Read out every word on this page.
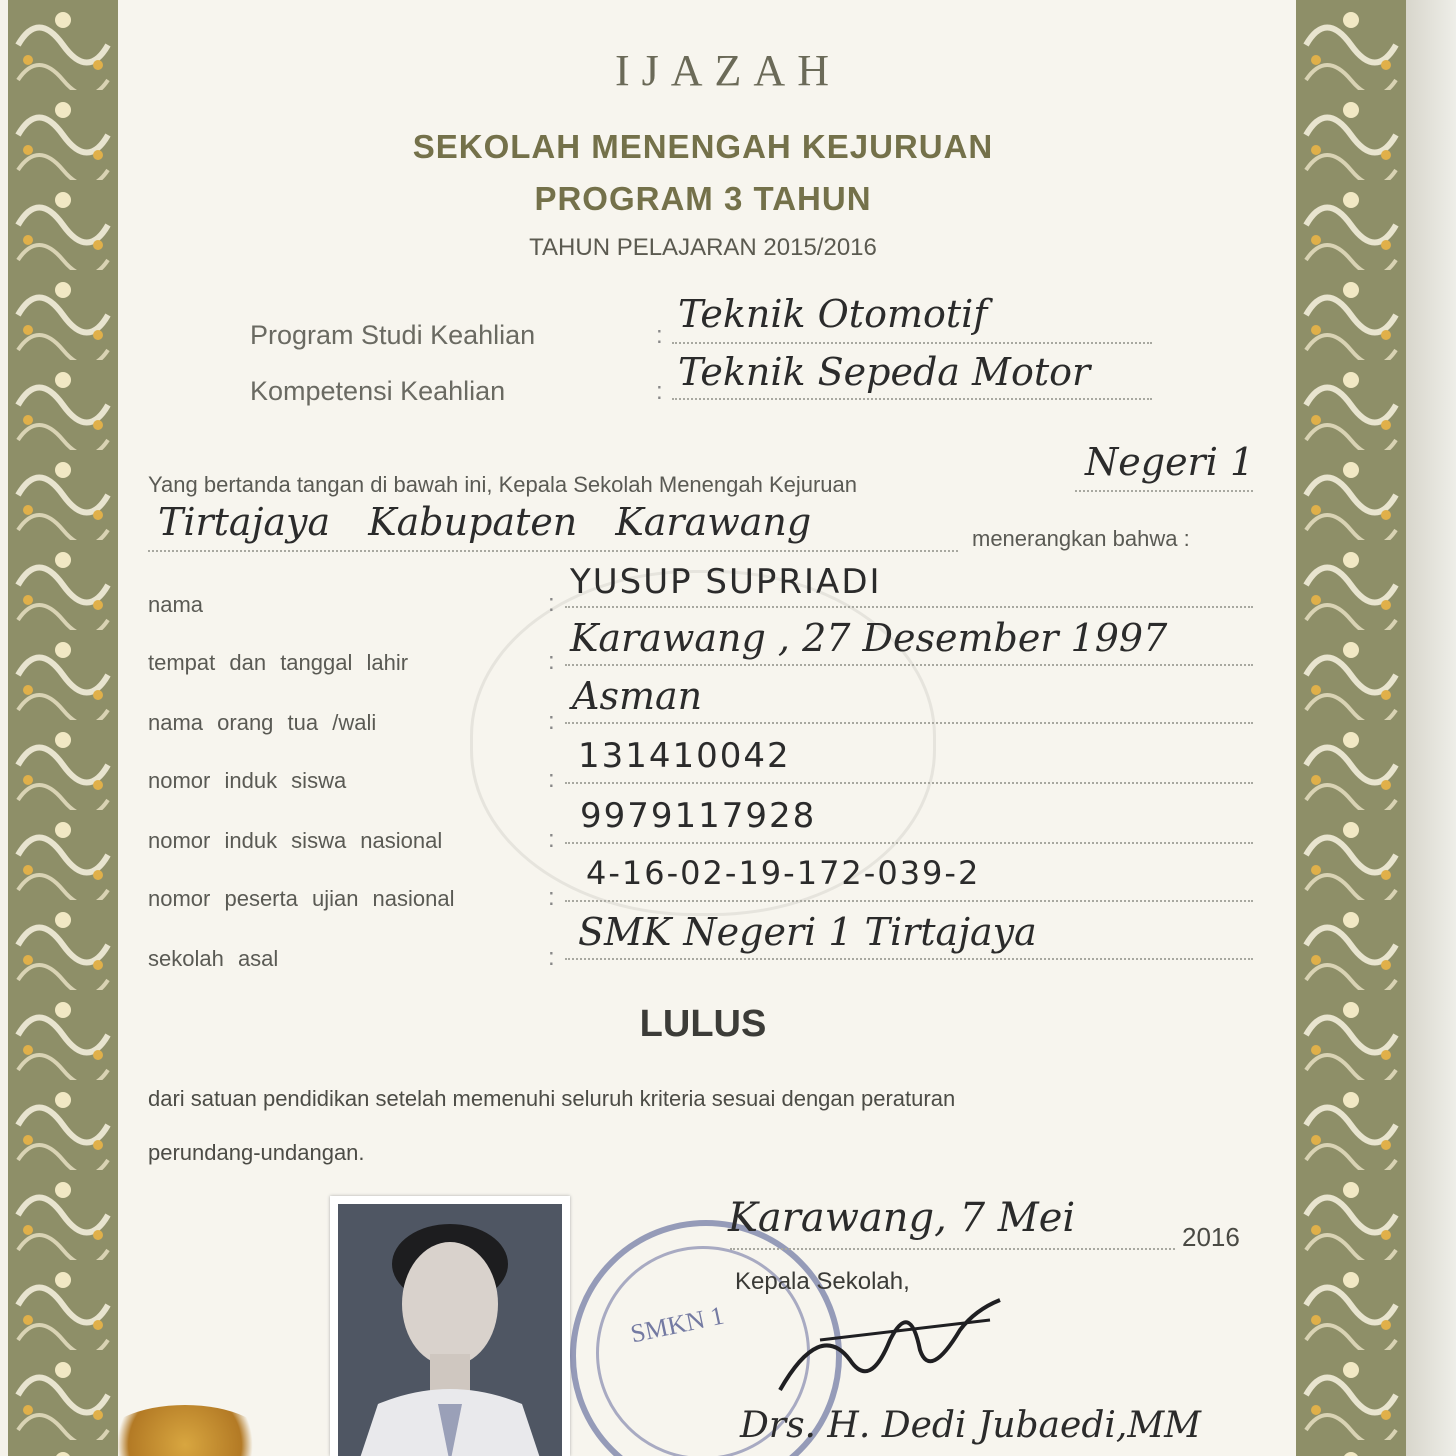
IJAZAH
SEKOLAH MENENGAH KEJURUAN
PROGRAM 3 TAHUN
TAHUN PELAJARAN 2015/2016
Program Studi Keahlian	: Teknik Otomotif
Kompetensi Keahlian	: Teknik Sepeda Motor
Yang bertanda tangan di bawah ini, Kepala Sekolah Menengah Kejuruan
Negeri 1
Tirtajaya Kabupaten Karawang	menerangkan bahwa :
nama	:
YUSUP SUPRIADI
tempat dan tanggal lahir	:
Karawang , 27 Desember 1997
nama orang tua /wali	:
Asman
nomor induk siswa	:
131410042
nomor induk siswa nasional	:
9979117928
nomor peserta ujian nasional	:
4-16-02-19-172-039-2
sekolah asal	:
SMK Negeri 1 Tirtajaya
LULUS
dari satuan pendidikan setelah memenuhi seluruh kriteria sesuai dengan peraturan
perundang-undangan.
SMKN 1
Karawang, 7 Mei	2016
Kepala Sekolah,
Drs. H. Dedi Jubaedi,MM
